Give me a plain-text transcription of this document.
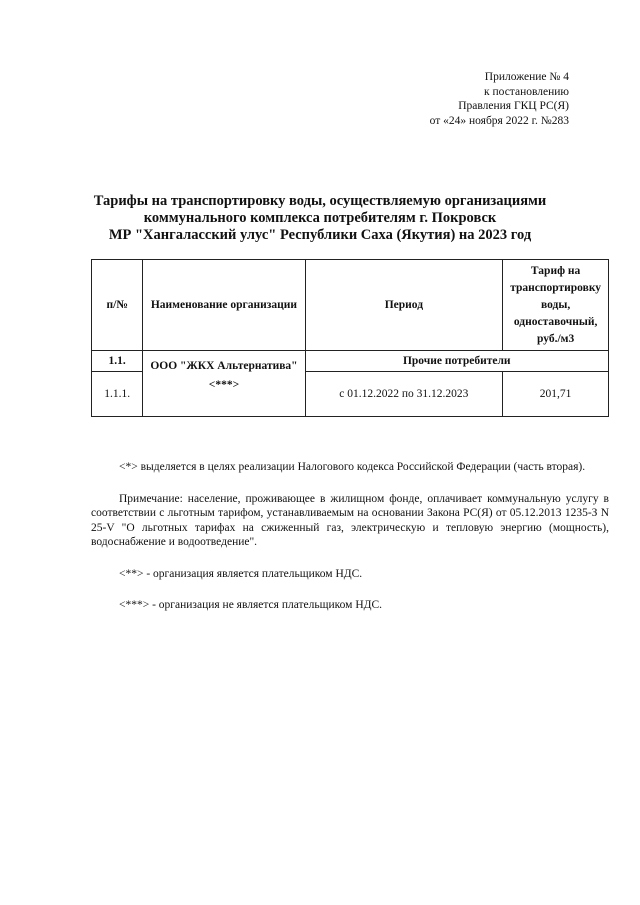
Приложение № 4
к постановлению
Правления ГКЦ РС(Я)
от «24» ноября 2022 г. №283
Тарифы на транспортировку воды, осуществляемую организациями
коммунального комплекса потребителям г. Покровск
МР "Хангаласский улус" Республики Саха (Якутия) на 2023 год
п/№	Наименование организации	Период	Тариф на транспортировку воды, одноставочный, руб./м3
1.1.	ООО "ЖКХ Альтернатива" <***>	Прочие потребители	
1.1.1.		с 01.12.2022 по 31.12.2023	201,71

<*> выделяется в целях реализации Налогового кодекса Российской Федерации (часть вторая).

Примечание: население, проживающее в жилищном фонде, оплачивает коммунальную услугу в соответствии с льготным тарифом, устанавливаемым на основании Закона РС(Я) от 05.12.2013 1235-З N 25-V "О льготных тарифах на сжиженный газ, электрическую и тепловую энергию (мощность), водоснабжение и водоотведение".

<**> - организация является плательщиком НДС.

<***> - организация не является плательщиком НДС.
